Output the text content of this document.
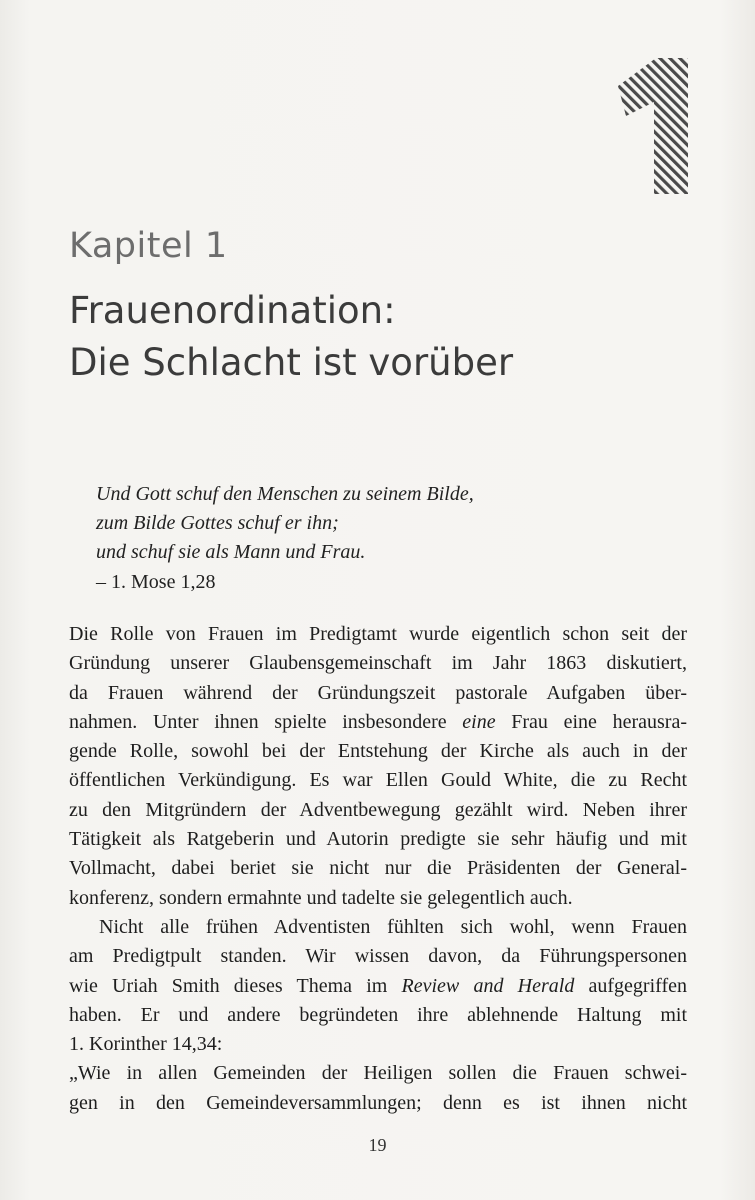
Kapitel 1
Frauenordination:
Die Schlacht ist vorüber
Und Gott schuf den Menschen zu seinem Bilde,
zum Bilde Gottes schuf er ihn;
und schuf sie als Mann und Frau.
– 1. Mose 1,28
Die Rolle von Frauen im Predigtamt wurde eigentlich schon seit der
Gründung unserer Glaubensgemeinschaft im Jahr 1863 diskutiert,
da Frauen während der Gründungszeit pastorale Aufgaben über-
nahmen. Unter ihnen spielte insbesondere eine Frau eine herausra-
gende Rolle, sowohl bei der Entstehung der Kirche als auch in der
öffentlichen Verkündigung. Es war Ellen Gould White, die zu Recht
zu den Mitgründern der Adventbewegung gezählt wird. Neben ihrer
Tätigkeit als Ratgeberin und Autorin predigte sie sehr häufig und mit
Vollmacht, dabei beriet sie nicht nur die Präsidenten der General-
konferenz, sondern ermahnte und tadelte sie gelegentlich auch.
Nicht alle frühen Adventisten fühlten sich wohl, wenn Frauen
am Predigtpult standen. Wir wissen davon, da Führungspersonen
wie Uriah Smith dieses Thema im Review and Herald aufgegriffen
haben. Er und andere begründeten ihre ablehnende Haltung mit
1. Korinther 14,34:
„Wie in allen Gemeinden der Heiligen sollen die Frauen schwei-
gen in den Gemeindeversammlungen; denn es ist ihnen nicht
19
